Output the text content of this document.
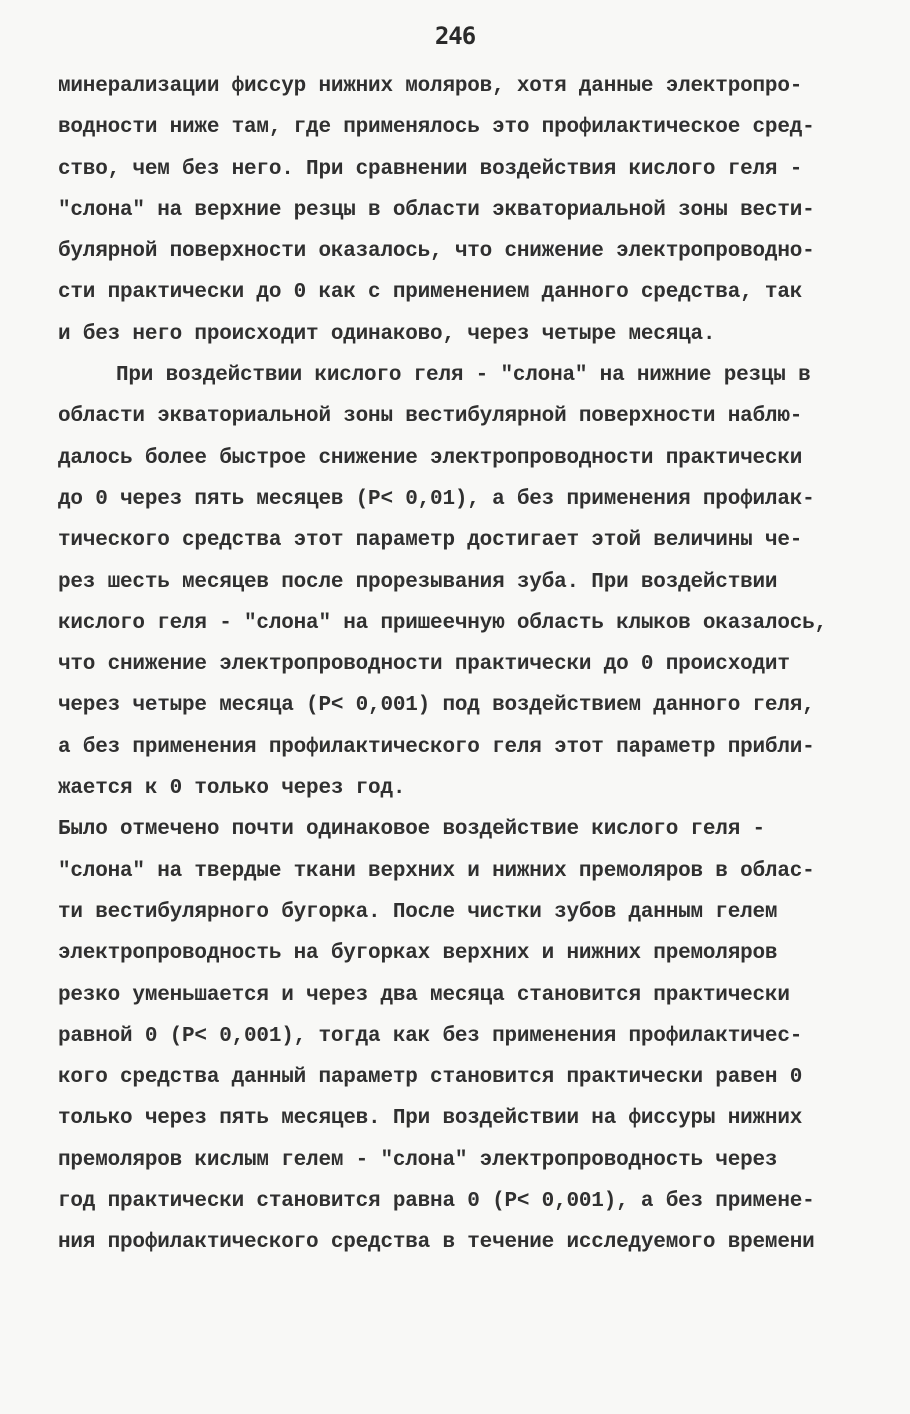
246
минерализации фиссур нижних моляров, хотя данные электропро-
водности ниже там, где применялось это профилактическое сред-
ство, чем без него. При сравнении воздействия кислого геля -
"слона" на верхние резцы в области экваториальной зоны вести-
булярной поверхности оказалось, что снижение электропроводно-
сти практически до 0 как с применением данного средства, так
и без него происходит одинаково, через четыре месяца.
При воздействии кислого геля - "слона" на нижние резцы в
области экваториальной зоны вестибулярной поверхности наблю-
далось более быстрое снижение электропроводности практически
до 0 через пять месяцев (P< 0,01), а без применения профилак-
тического средства этот параметр достигает этой величины че-
рез шесть месяцев после прорезывания зуба. При воздействии
кислого геля - "слона" на пришеечную область клыков оказалось,
что снижение электропроводности практически до 0 происходит
через четыре месяца (P< 0,001) под воздействием данного геля,
а без применения профилактического геля этот параметр прибли-
жается к 0 только через год.
Было отмечено почти одинаковое воздействие кислого геля -
"слона" на твердые ткани верхних и нижних премоляров в облас-
ти вестибулярного бугорка. После чистки зубов данным гелем
электропроводность на бугорках верхних и нижних премоляров
резко уменьшается и через два месяца становится практически
равной 0 (P< 0,001), тогда как без применения профилактичес-
кого средства данный параметр становится практически равен 0
только через пять месяцев. При воздействии на фиссуры нижних
премоляров кислым гелем - "слона" электропроводность через
год практически становится равна 0 (P< 0,001), а без примене-
ния профилактического средства в течение исследуемого времени
